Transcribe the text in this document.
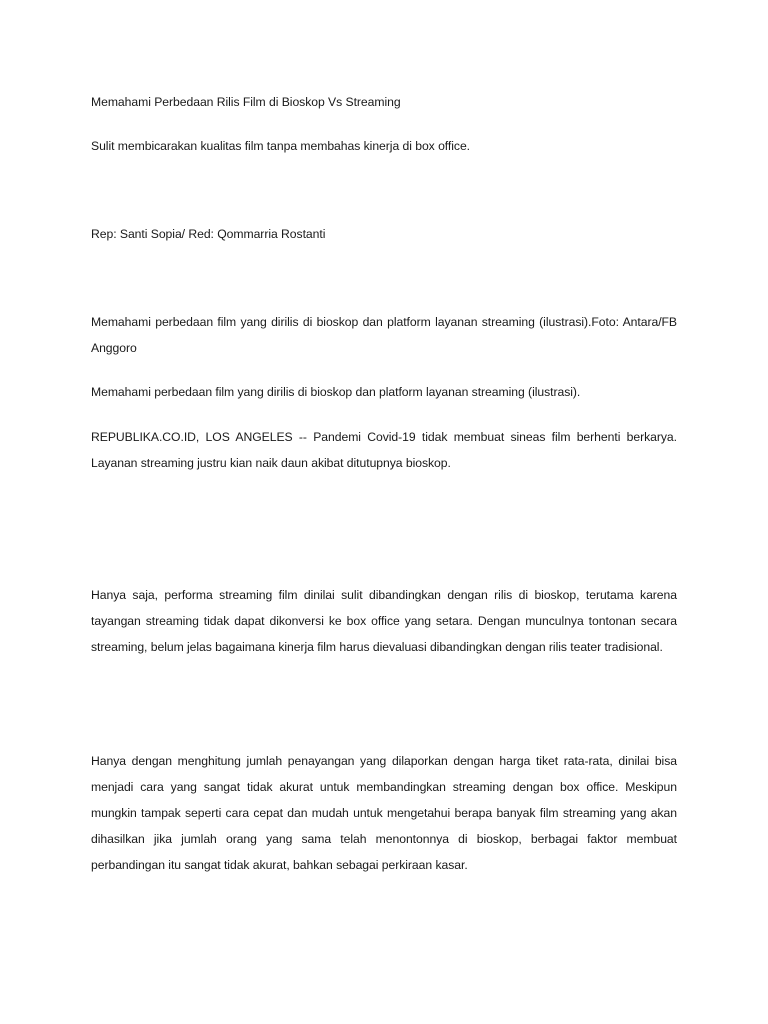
Memahami Perbedaan Rilis Film di Bioskop Vs Streaming

Sulit membicarakan kualitas film tanpa membahas kinerja di box office.

Rep: Santi Sopia/ Red: Qommarria Rostanti

Memahami perbedaan film yang dirilis di bioskop dan platform layanan streaming (ilustrasi).Foto: Antara/FB Anggoro

Memahami perbedaan film yang dirilis di bioskop dan platform layanan streaming (ilustrasi).

REPUBLIKA.CO.ID, LOS ANGELES -- Pandemi Covid-19 tidak membuat sineas film berhenti berkarya. Layanan streaming justru kian naik daun akibat ditutupnya bioskop.

Hanya saja, performa streaming film dinilai sulit dibandingkan dengan rilis di bioskop, terutama karena tayangan streaming tidak dapat dikonversi ke box office yang setara. Dengan munculnya tontonan secara streaming, belum jelas bagaimana kinerja film harus dievaluasi dibandingkan dengan rilis teater tradisional.

Hanya dengan menghitung jumlah penayangan yang dilaporkan dengan harga tiket rata-rata, dinilai bisa menjadi cara yang sangat tidak akurat untuk membandingkan streaming dengan box office. Meskipun mungkin tampak seperti cara cepat dan mudah untuk mengetahui berapa banyak film streaming yang akan dihasilkan jika jumlah orang yang sama telah menontonnya di bioskop, berbagai faktor membuat perbandingan itu sangat tidak akurat, bahkan sebagai perkiraan kasar.
